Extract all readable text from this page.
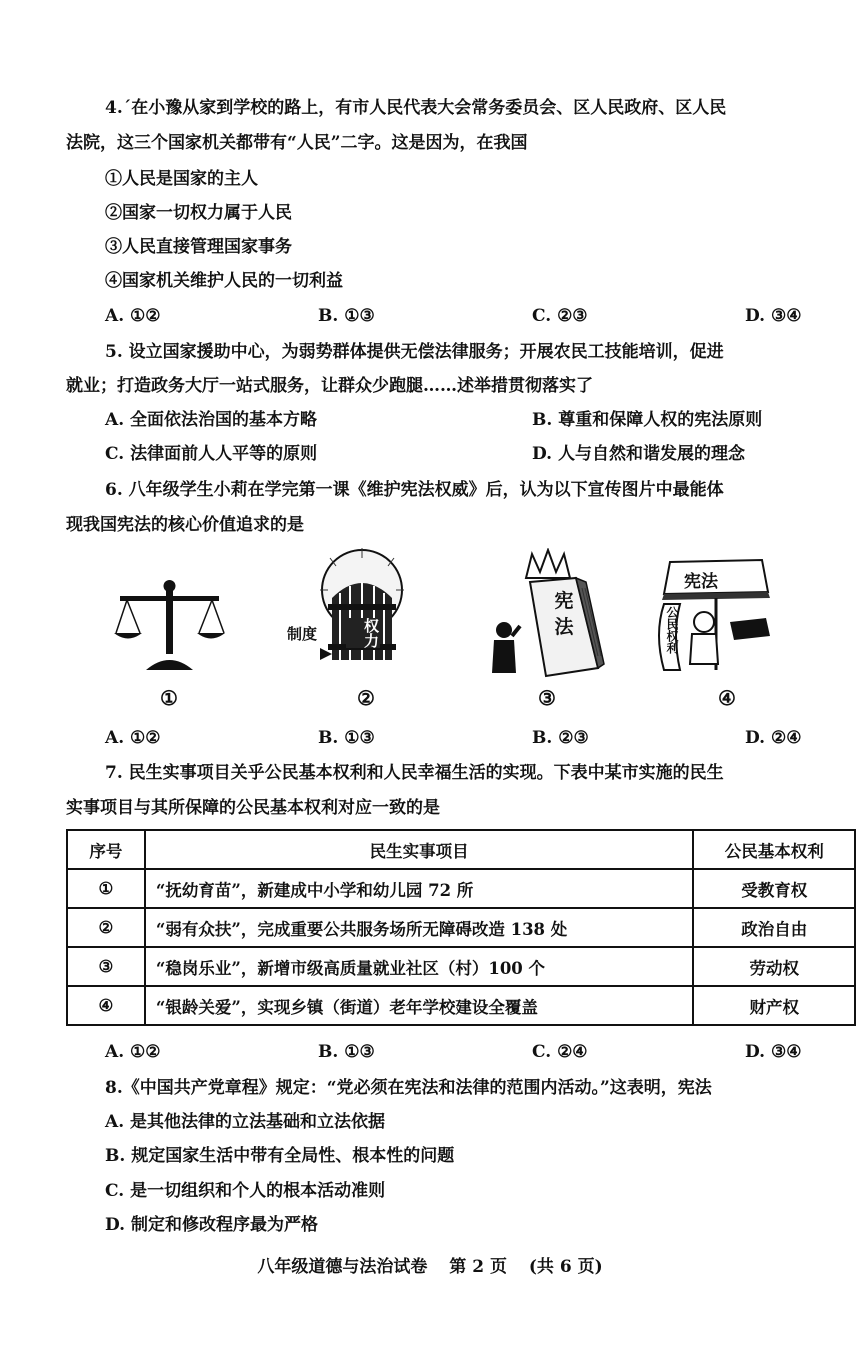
4.´在小豫从家到学校的路上，有市人民代表大会常务委员会、区人民政府、区人民
法院，这三个国家机关都带有“人民”二字。这是因为，在我国
①人民是国家的主人
②国家一切权力属于人民
③人民直接管理国家事务
④国家机关维护人民的一切利益
A. ①②	B. ①③	C. ②③	D. ③④
5. 设立国家援助中心，为弱势群体提供无偿法律服务；开展农民工技能培训，促进
就业；打造政务大厅一站式服务，让群众少跑腿……述举措贯彻落实了
A. 全面依法治国的基本方略	B. 尊重和保障人权的宪法原则
C. 法律面前人人平等的原则	D. 人与自然和谐发展的理念
6. 八年级学生小莉在学完第一课《维护宪法权威》后，认为以下宣传图片中最能体
现我国宪法的核心价值追求的是
①
制度	权力
②
宪法
③
宪法
公民权利
④
A. ①②	B. ①③	B. ②③	D. ②④
7. 民生实事项目关乎公民基本权利和人民幸福生活的实现。下表中某市实施的民生
实事项目与其所保障的公民基本权利对应一致的是
序号	民生实事项目	公民基本权利
①	“抚幼育苗”，新建成中小学和幼儿园 72 所	受教育权
②	“弱有众扶”，完成重要公共服务场所无障碍改造 138 处	政治自由
③	“稳岗乐业”，新增市级高质量就业社区（村）100 个	劳动权
④	“银龄关爱”，实现乡镇（街道）老年学校建设全覆盖	财产权
A. ①②	B. ①③	C. ②④	D. ③④
8.《中国共产党章程》规定：“党必须在宪法和法律的范围内活动。”这表明，宪法
A. 是其他法律的立法基础和立法依据
B. 规定国家生活中带有全局性、根本性的问题
C. 是一切组织和个人的根本活动准则
D. 制定和修改程序最为严格
八年级道德与法治试卷 第 2 页 (共 6 页)
